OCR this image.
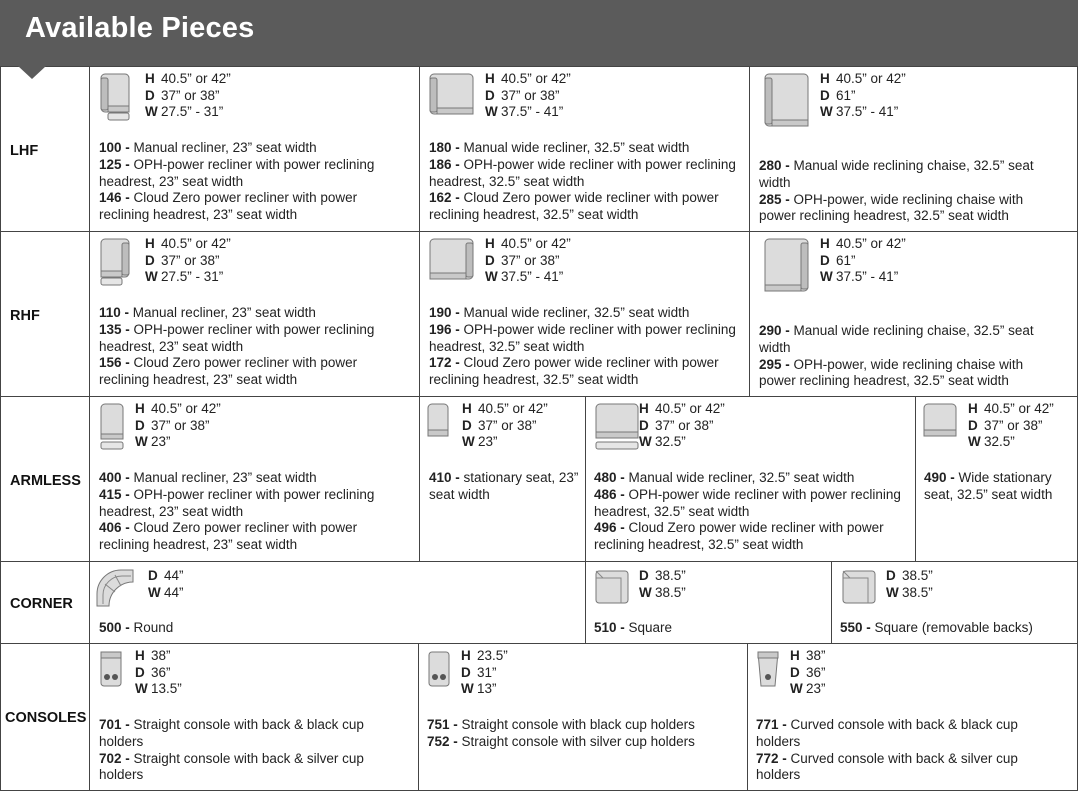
Available Pieces
LHF
H 40.5” or 42”
D 37” or 38”
W 27.5” - 31”
100 - Manual recliner, 23” seat width
125 - OPH-power recliner with power reclining headrest, 23” seat width
146 - Cloud Zero power recliner with power reclining headrest, 23” seat width
H 40.5” or 42”
D 37” or 38”
W 37.5” - 41”
180 - Manual wide recliner, 32.5” seat width
186 - OPH-power wide recliner with power reclining headrest, 32.5” seat width
162 - Cloud Zero power wide recliner with power reclining headrest, 32.5” seat width
H 40.5” or 42”
D 61”
W 37.5” - 41”
280 - Manual wide reclining chaise, 32.5” seat width
285 - OPH-power, wide reclining chaise with power reclining headrest, 32.5” seat width
RHF
H 40.5” or 42”
D 37” or 38”
W 27.5” - 31”
110 - Manual recliner, 23” seat width
135 - OPH-power recliner with power reclining headrest, 23” seat width
156 - Cloud Zero power recliner with power reclining headrest, 23” seat width
H 40.5” or 42”
D 37” or 38”
W 37.5” - 41”
190 - Manual wide recliner, 32.5” seat width
196 - OPH-power wide recliner with power reclining headrest, 32.5” seat width
172 - Cloud Zero power wide recliner with power reclining headrest, 32.5” seat width
H 40.5” or 42”
D 61”
W 37.5” - 41”
290 - Manual wide reclining chaise, 32.5” seat width
295 - OPH-power, wide reclining chaise with power reclining headrest, 32.5” seat width
ARMLESS
H 40.5” or 42”
D 37” or 38”
W 23”
400 - Manual recliner, 23” seat width
415 - OPH-power recliner with power reclining headrest, 23” seat width
406 - Cloud Zero power recliner with power reclining headrest, 23” seat width
H 40.5” or 42”
D 37” or 38”
W 23”
410 - stationary seat, 23” seat width
H 40.5” or 42”
D 37” or 38”
W 32.5”
480 - Manual wide recliner, 32.5” seat width
486 - OPH-power wide recliner with power reclining headrest, 32.5” seat width
496 - Cloud Zero power wide recliner with power reclining headrest, 32.5” seat width
H 40.5” or 42”
D 37” or 38”
W 32.5”
490 - Wide stationary seat, 32.5” seat width
CORNER
D 44”
W 44”
500 - Round
D 38.5”
W 38.5”
510 - Square
D 38.5”
W 38.5”
550 - Square (removable backs)
CONSOLES
H 38”
D 36”
W 13.5”
701 - Straight console with back & black cup holders
702 - Straight console with back & silver cup holders
H 23.5”
D 31”
W 13”
751 - Straight console with black cup holders
752 - Straight console with silver cup holders
H 38”
D 36”
W 23”
771 - Curved console with back & black cup holders
772 - Curved console with back & silver cup holders
